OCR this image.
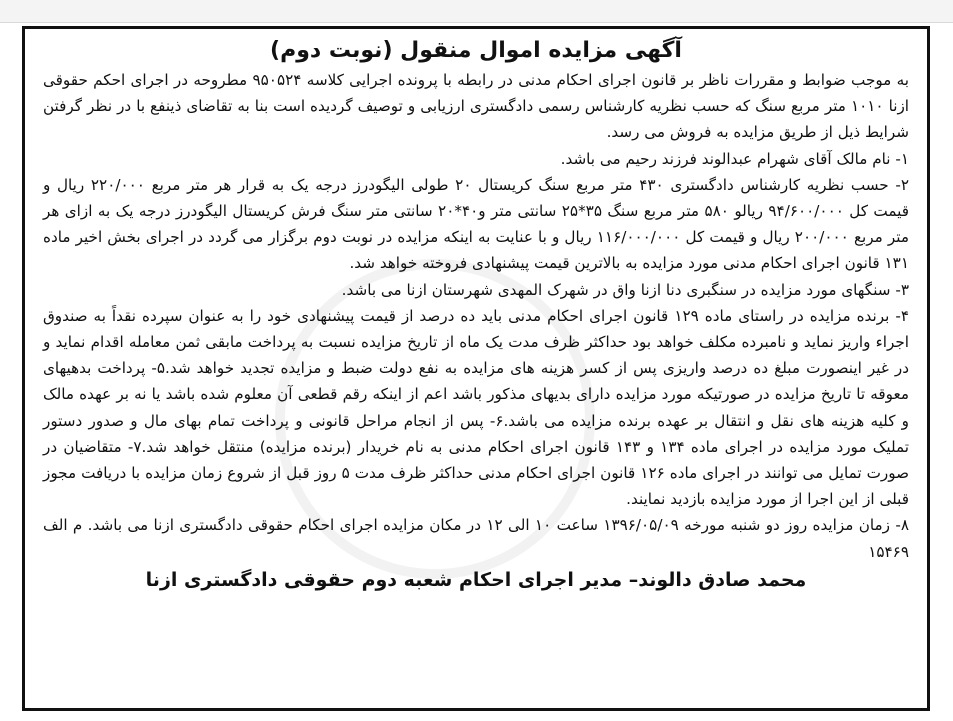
آگهی مزایده اموال منقول (نوبت دوم)

به موجب ضوابط و مقررات ناظر بر قانون اجرای احکام مدنی در رابطه با پرونده اجرایی کلاسه ۹۵۰۵۲۴ مطروحه در اجرای احکم حقوقی ازنا ۱۰۱۰ متر مربع سنگ که حسب نظریه کارشناس رسمی دادگستری ارزیابی و توصیف گردیده است بنا به تقاضای ذینفع با در نظر گرفتن شرایط ذیل از طریق مزایده به فروش می رسد.

۱- نام مالک آقای شهرام عبدالوند فرزند رحیم می باشد.

۲- حسب نظریه کارشناس دادگستری ۴۳۰ متر مربع سنگ کریستال ۲۰ طولی الیگودرز درجه یک به قرار هر متر مربع ۲۲۰/۰۰۰ ریال و قیمت کل ۹۴/۶۰۰/۰۰۰ ریالو ۵۸۰ متر مربع سنگ ۳۵*۲۵ سانتی متر و۴۰*۲۰ سانتی متر سنگ فرش کریستال الیگودرز درجه یک به ازای هر متر مربع ۲۰۰/۰۰۰ ریال و قیمت کل ۱۱۶/۰۰۰/۰۰۰ ریال و با عنایت به اینکه مزایده در نوبت دوم برگزار می گردد در اجرای بخش اخیر ماده ۱۳۱ قانون اجرای احکام مدنی مورد مزایده به بالاترین قیمت پیشنهادی فروخته خواهد شد.

۳- سنگهای مورد مزایده در سنگبری دنا ازنا واق در شهرک المهدی شهرستان ازنا می باشد.

۴- برنده مزایده در راستای ماده ۱۲۹ قانون اجرای احکام مدنی باید ده درصد از قیمت پیشنهادی خود را به عنوان سپرده نقداً به صندوق اجراء واریز نماید و نامبرده مکلف خواهد بود حداکثر ظرف مدت یک ماه از تاریخ مزایده نسبت به پرداخت مابقی ثمن معامله اقدام نماید و در غیر اینصورت مبلغ ده درصد واریزی پس از کسر هزینه های مزایده به نفع دولت ضبط و مزایده تجدید خواهد شد.۵- پرداخت بدهیهای معوقه تا تاریخ مزایده در صورتیکه مورد مزایده دارای بدیهای مذکور باشد اعم از اینکه رقم قطعی آن معلوم شده باشد یا نه بر عهده مالک و کلیه هزینه های نقل و انتقال بر عهده برنده مزایده می باشد.۶- پس از انجام مراحل قانونی و پرداخت تمام بهای مال و صدور دستور تملیک مورد مزایده در اجرای ماده ۱۳۴ و ۱۴۳ قانون اجرای احکام مدنی به نام خریدار (برنده مزایده) منتقل خواهد شد.۷- متقاضیان در صورت تمایل می توانند در اجرای ماده ۱۲۶ قانون اجرای احکام مدنی حداکثر ظرف مدت ۵ روز قبل از شروع زمان مزایده با دریافت مجوز قبلی از این اجرا از مورد مزایده بازدید نمایند.

۸- زمان مزایده روز دو شنبه مورخه ۱۳۹۶/۰۵/۰۹ ساعت ۱۰ الی ۱۲ در مکان مزایده اجرای احکام حقوقی دادگستری ازنا می باشد. م الف ۱۵۴۶۹

محمد صادق دالوند– مدیر اجرای احکام شعبه دوم حقوقی دادگستری ازنا
